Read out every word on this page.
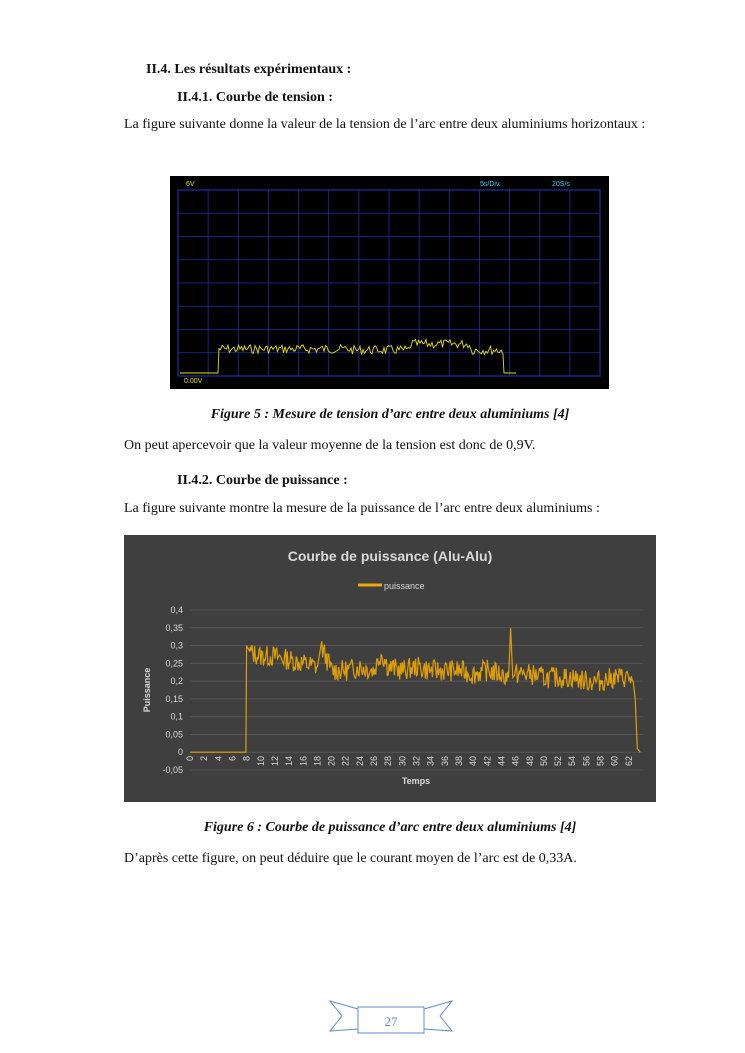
II.4. Les résultats expérimentaux :
II.4.1. Courbe de tension :
La figure suivante donne la valeur de la tension de l’arc entre deux aluminiums horizontaux :
6V	5s/Div.	20S/s
0.00V
Figure 5 : Mesure de tension d’arc entre deux aluminiums [4]
On peut apercevoir que la valeur moyenne de la tension est donc de 0,9V.
II.4.2. Courbe de puissance :
La figure suivante montre la mesure de la puissance de l’arc entre deux aluminiums :
Courbe de puissance (Alu-Alu)
puissance
0,4
0,35
0,3
0,25
0,2
0,15
0,1
0,05
0
-0,05
0 2 4 6 8 10 12 14 16 18 20 22 24 26 28 30 32 34 36 38 40 42 44 46 48 50 52 54 56 58 60 62
Temps
Puissance
Figure 6 : Courbe de puissance d’arc entre deux aluminiums [4]
D’après cette figure, on peut déduire que le courant moyen de l’arc est de 0,33A.
27
